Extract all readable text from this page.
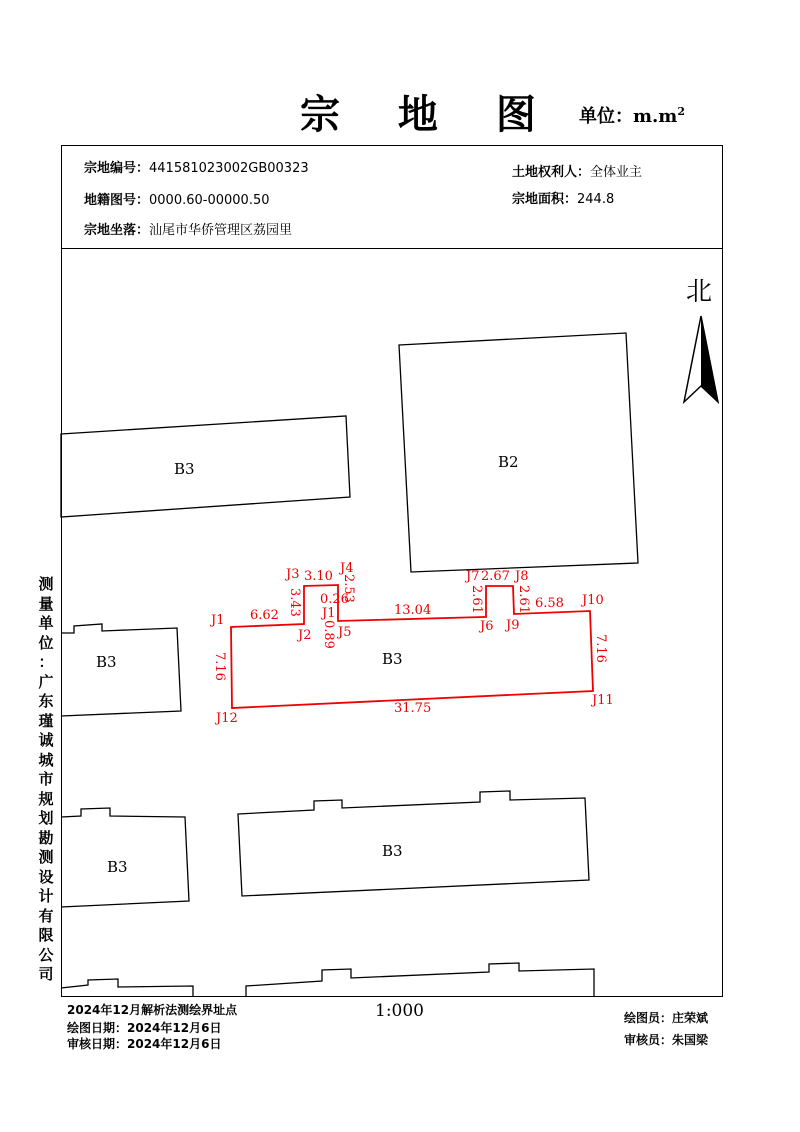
宗 地 图 单位：$m.m^2$
宗地编号：441581023002GB00323
地籍图号：0000.60-00000.50
宗地坐落：汕尾市华侨管理区荔园里
土地权利人：全体业主
宗地面积：244.8
测
量
单
位
：
广
东
瑾
诚
城
市
规
划
勘
测
设
计
有
限
公
司
北
B3	B2
B3	B3
B3
B3
J1
J2
J3	J4
J1
J5	J6
J7	J8
J9
J10
J11
J12
6.62 3.43
3.10 2.53
0.26
0.89
13.04	2.61
2.67
2.61 6.58
7.16
31.75
7.16
2024年12月解析法测绘界址点
绘图日期：2024年12月6日
审核日期：2024年12月6日
1:000	绘图员：庄荣斌
审核员：朱国梁
